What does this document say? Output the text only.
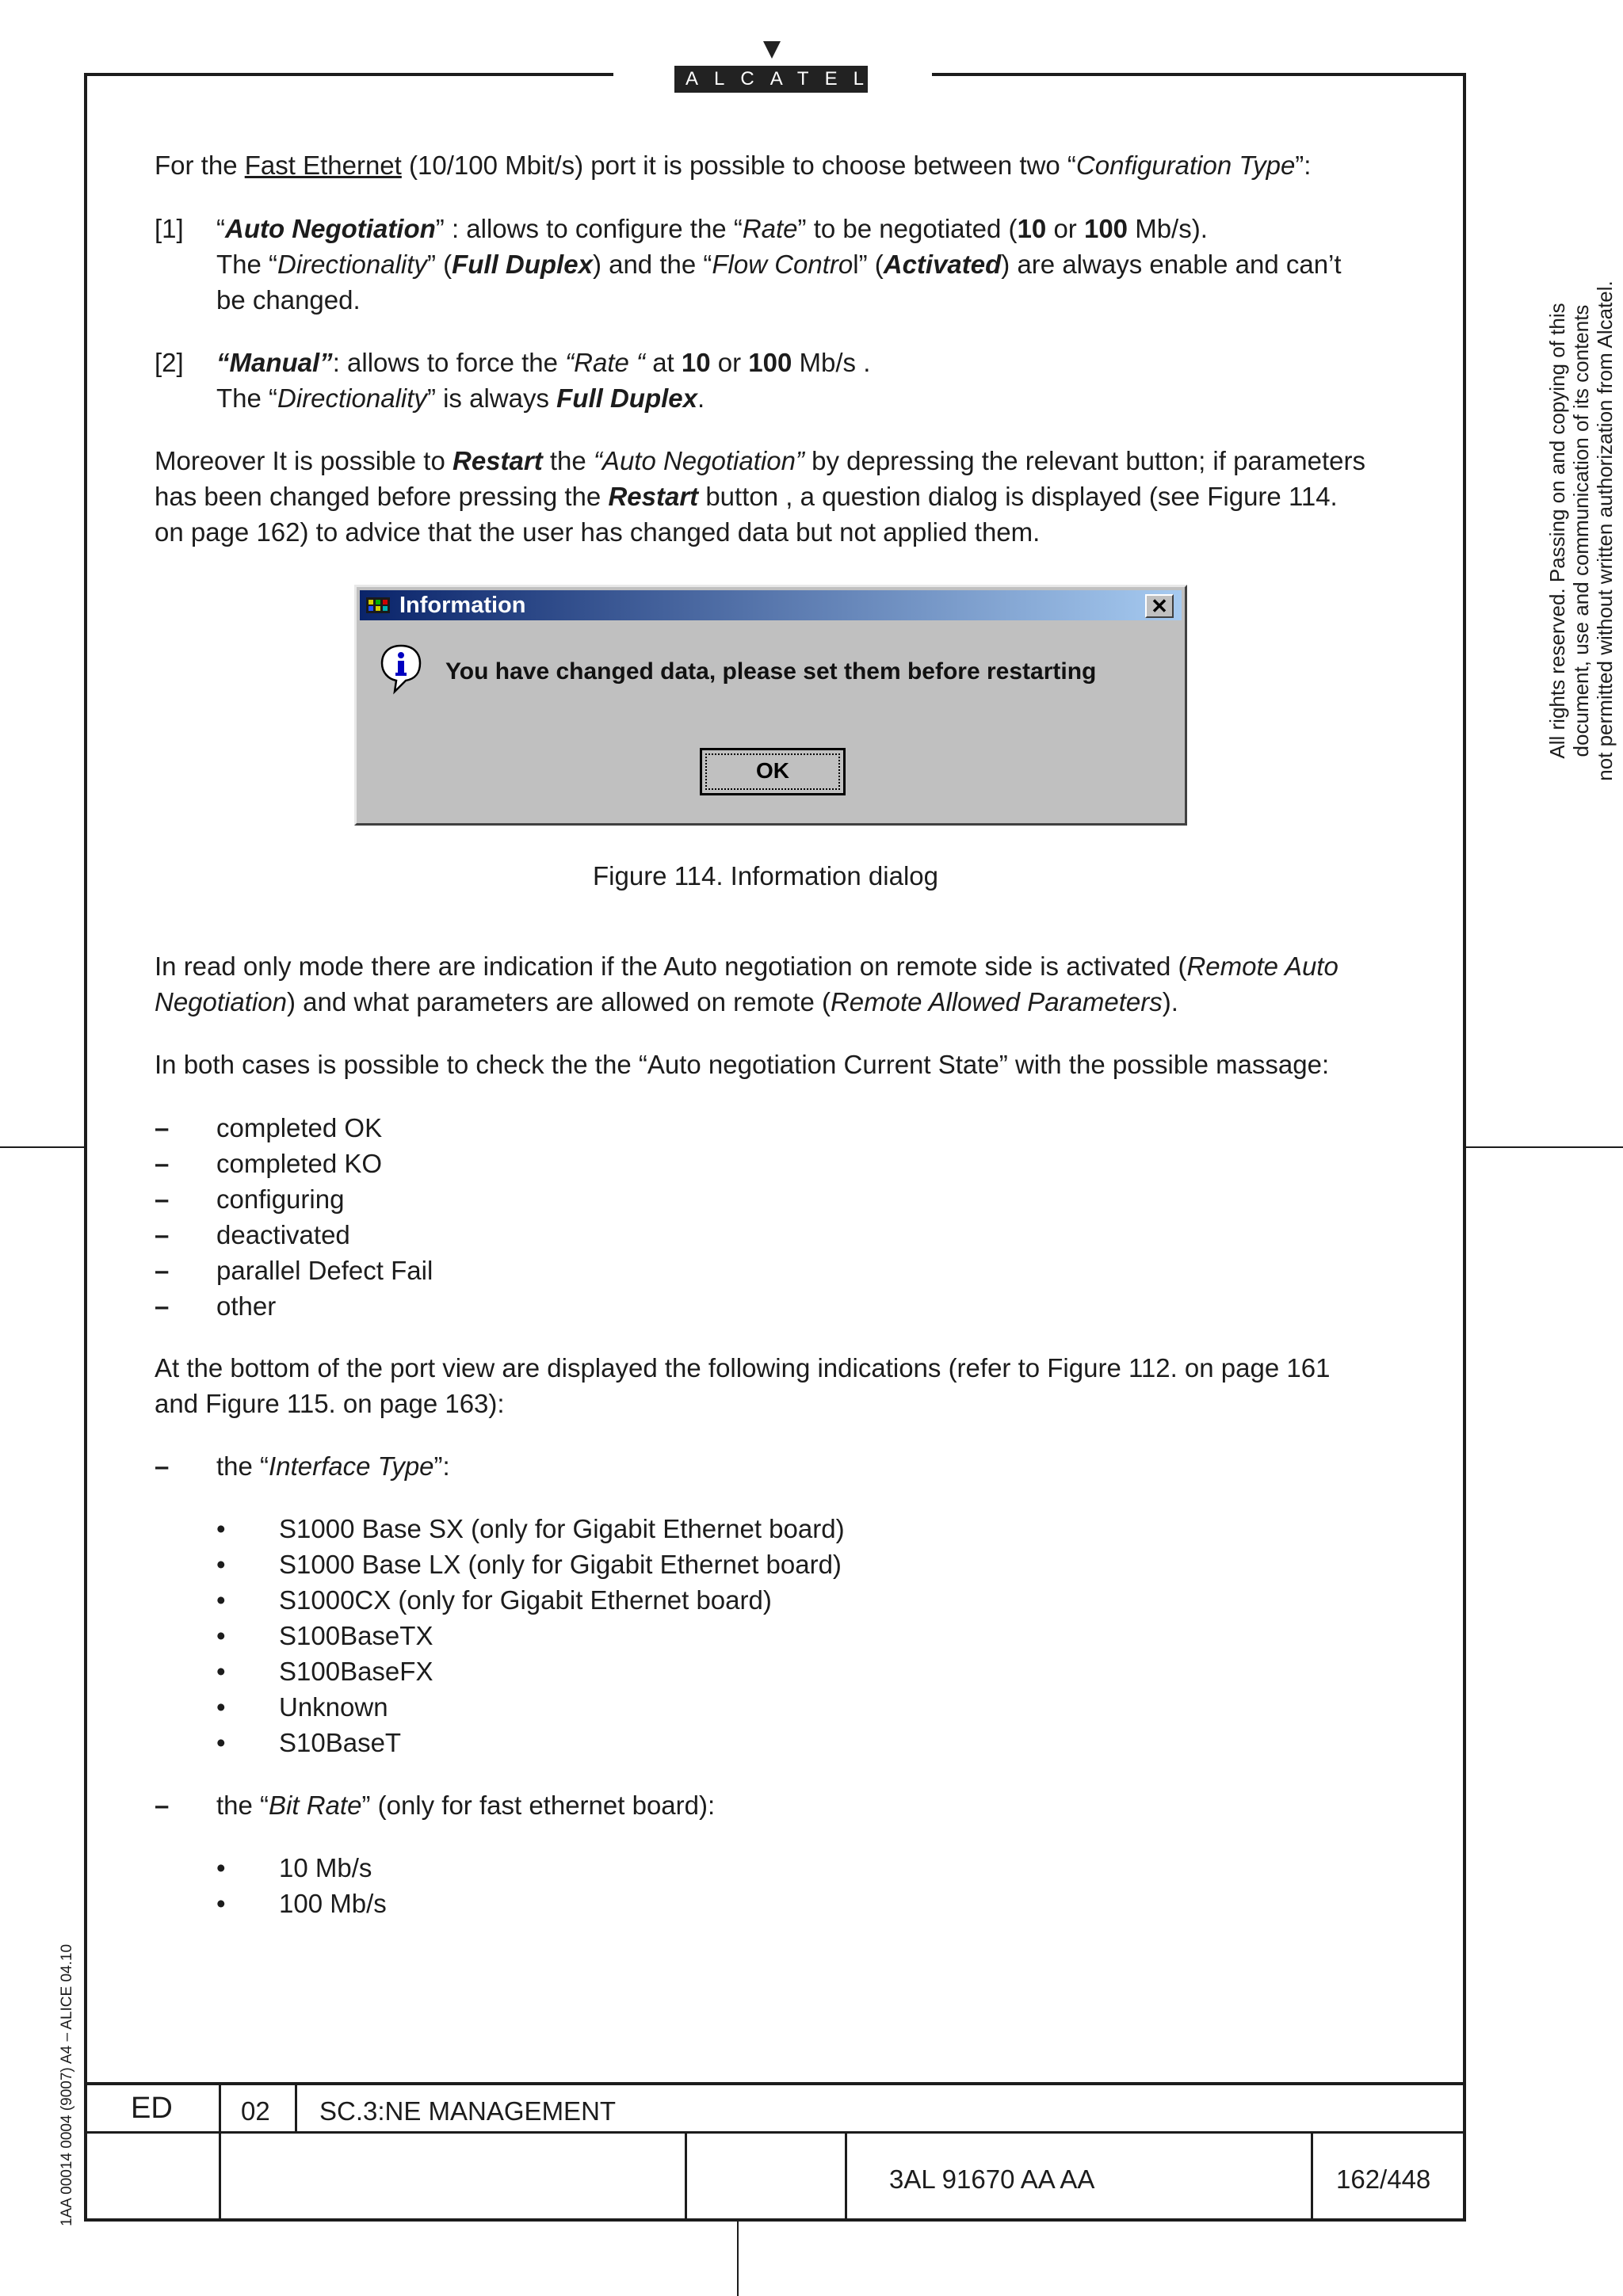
ALCATEL
All rights reserved. Passing on and copying of this document, use and communication of its contents not permitted without written authorization from Alcatel.
1AA 00014 0004 (9007) A4 – ALICE 04.10
For the Fast Ethernet (10/100 Mbit/s) port it is possible to choose between two “Configuration Type”:
[1] “Auto Negotiation” : allows to configure the “Rate” to be negotiated (10 or 100 Mb/s).
The “Directionality” (Full Duplex) and the “Flow Control” (Activated) are always enable and can’t
be changed.
[2] “Manual”: allows to force the “Rate “ at 10 or 100 Mb/s .
The “Directionality” is always Full Duplex.
Moreover It is possible to Restart the “Auto Negotiation” by depressing the relevant button; if parameters
has been changed before pressing the Restart button , a question dialog is displayed (see Figure 114.
on page 162) to advice that the user has changed data but not applied them.
Information	✕
You have changed data, please set them before restarting
OK
Figure 114. Information dialog
In read only mode there are indication if the Auto negotiation on remote side is activated (Remote Auto
Negotiation) and what parameters are allowed on remote (Remote Allowed Parameters).
In both cases is possible to check the the “Auto negotiation Current State” with the possible massage:
– completed OK
– completed KO
– configuring
– deactivated
– parallel Defect Fail
– other
At the bottom of the port view are displayed the following indications (refer to Figure 112. on page 161
and Figure 115. on page 163):
– the “Interface Type”:
• S1000 Base SX (only for Gigabit Ethernet board)
• S1000 Base LX (only for Gigabit Ethernet board)
• S1000CX (only for Gigabit Ethernet board)
• S100BaseTX
• S100BaseFX
• Unknown
• S10BaseT
– the “Bit Rate” (only for fast ethernet board):
• 10 Mb/s
• 100 Mb/s
ED	02 SC.3:NE MANAGEMENT
3AL 91670 AA AA	162/448
